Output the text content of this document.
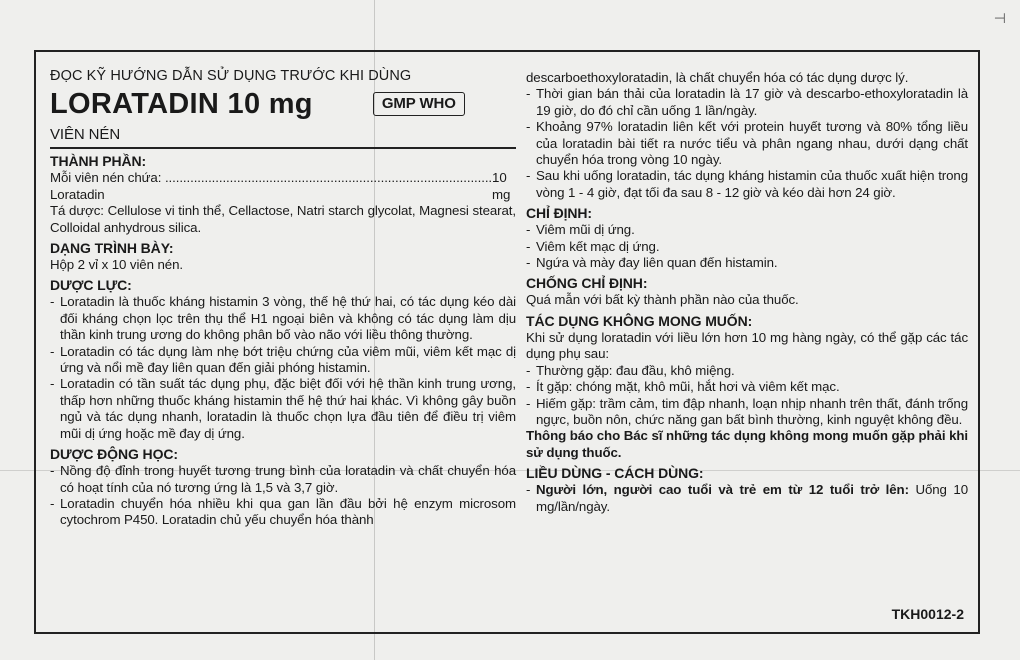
⊣
ĐỌC KỸ HƯỚNG DẪN SỬ DỤNG TRƯỚC KHI DÙNG
LORATADIN 10 mg	GMP WHO
VIÊN NÉN
THÀNH PHẦN:
Mỗi viên nén chứa: Loratadin
........................................................................................... 10 mg

Tá dược: Cellulose vi tinh thể, Cellactose, Natri starch glycolat, Magnesi stearat, Colloidal anhydrous silica.

DẠNG TRÌNH BÀY:

Hộp 2 vỉ x 10 viên nén.

DƯỢC LỰC:
- Loratadin là thuốc kháng histamin 3 vòng, thế hệ thứ hai, có tác dụng kéo dài đối kháng chọn lọc trên thụ thể H1 ngoại biên và không có tác dụng làm dịu thần kinh trung ương do không phân bố vào não với liều thông thường.
- Loratadin có tác dụng làm nhẹ bớt triệu chứng của viêm mũi, viêm kết mạc dị ứng và nổi mề đay liên quan đến giải phóng histamin.
- Loratadin có tần suất tác dụng phụ, đặc biệt đối với hệ thần kinh trung ương, thấp hơn những thuốc kháng histamin thế hệ thứ hai khác. Vì không gây buồn ngủ và tác dụng nhanh, loratadin là thuốc chọn lựa đầu tiên để điều trị viêm mũi dị ứng hoặc mề đay dị ứng.
DƯỢC ĐỘNG HỌC:
- Nồng độ đỉnh trong huyết tương trung bình của loratadin và chất chuyển hóa có hoạt tính của nó tương ứng là 1,5 và 3,7 giờ.
- Loratadin chuyển hóa nhiều khi qua gan lần đầu bởi hệ enzym microsom cytochrom P450. Loratadin chủ yếu chuyển hóa thành

descarboethoxyloratadin, là chất chuyển hóa có tác dụng dược lý.

- Thời gian bán thải của loratadin là 17 giờ và descarbo-ethoxyloratadin là 19 giờ, do đó chỉ cần uống 1 lần/ngày.
- Khoảng 97% loratadin liên kết với protein huyết tương và 80% tổng liều của loratadin bài tiết ra nước tiểu và phân ngang nhau, dưới dạng chất chuyển hóa trong vòng 10 ngày.
- Sau khi uống loratadin, tác dụng kháng histamin của thuốc xuất hiện trong vòng 1 - 4 giờ, đạt tối đa sau 8 - 12 giờ và kéo dài hơn 24 giờ.
CHỈ ĐỊNH:
- Viêm mũi dị ứng.
- Viêm kết mạc dị ứng.
- Ngứa và mày đay liên quan đến histamin.
CHỐNG CHỈ ĐỊNH:

Quá mẫn với bất kỳ thành phần nào của thuốc.

TÁC DỤNG KHÔNG MONG MUỐN:

Khi sử dụng loratadin với liều lớn hơn 10 mg hàng ngày, có thể gặp các tác dụng phụ sau:

- Thường gặp: đau đầu, khô miệng.
- Ít gặp: chóng mặt, khô mũi, hắt hơi và viêm kết mạc.
- Hiếm gặp: trầm cảm, tim đập nhanh, loạn nhịp nhanh trên thất, đánh trống ngực, buồn nôn, chức năng gan bất bình thường, kinh nguyệt không đều.

Thông báo cho Bác sĩ những tác dụng không mong muốn gặp phải khi sử dụng thuốc.

LIỀU DÙNG - CÁCH DÙNG:
- Người lớn, người cao tuổi và trẻ em từ 12 tuổi trở lên: Uống 10 mg/lần/ngày.
TKH0012-2
